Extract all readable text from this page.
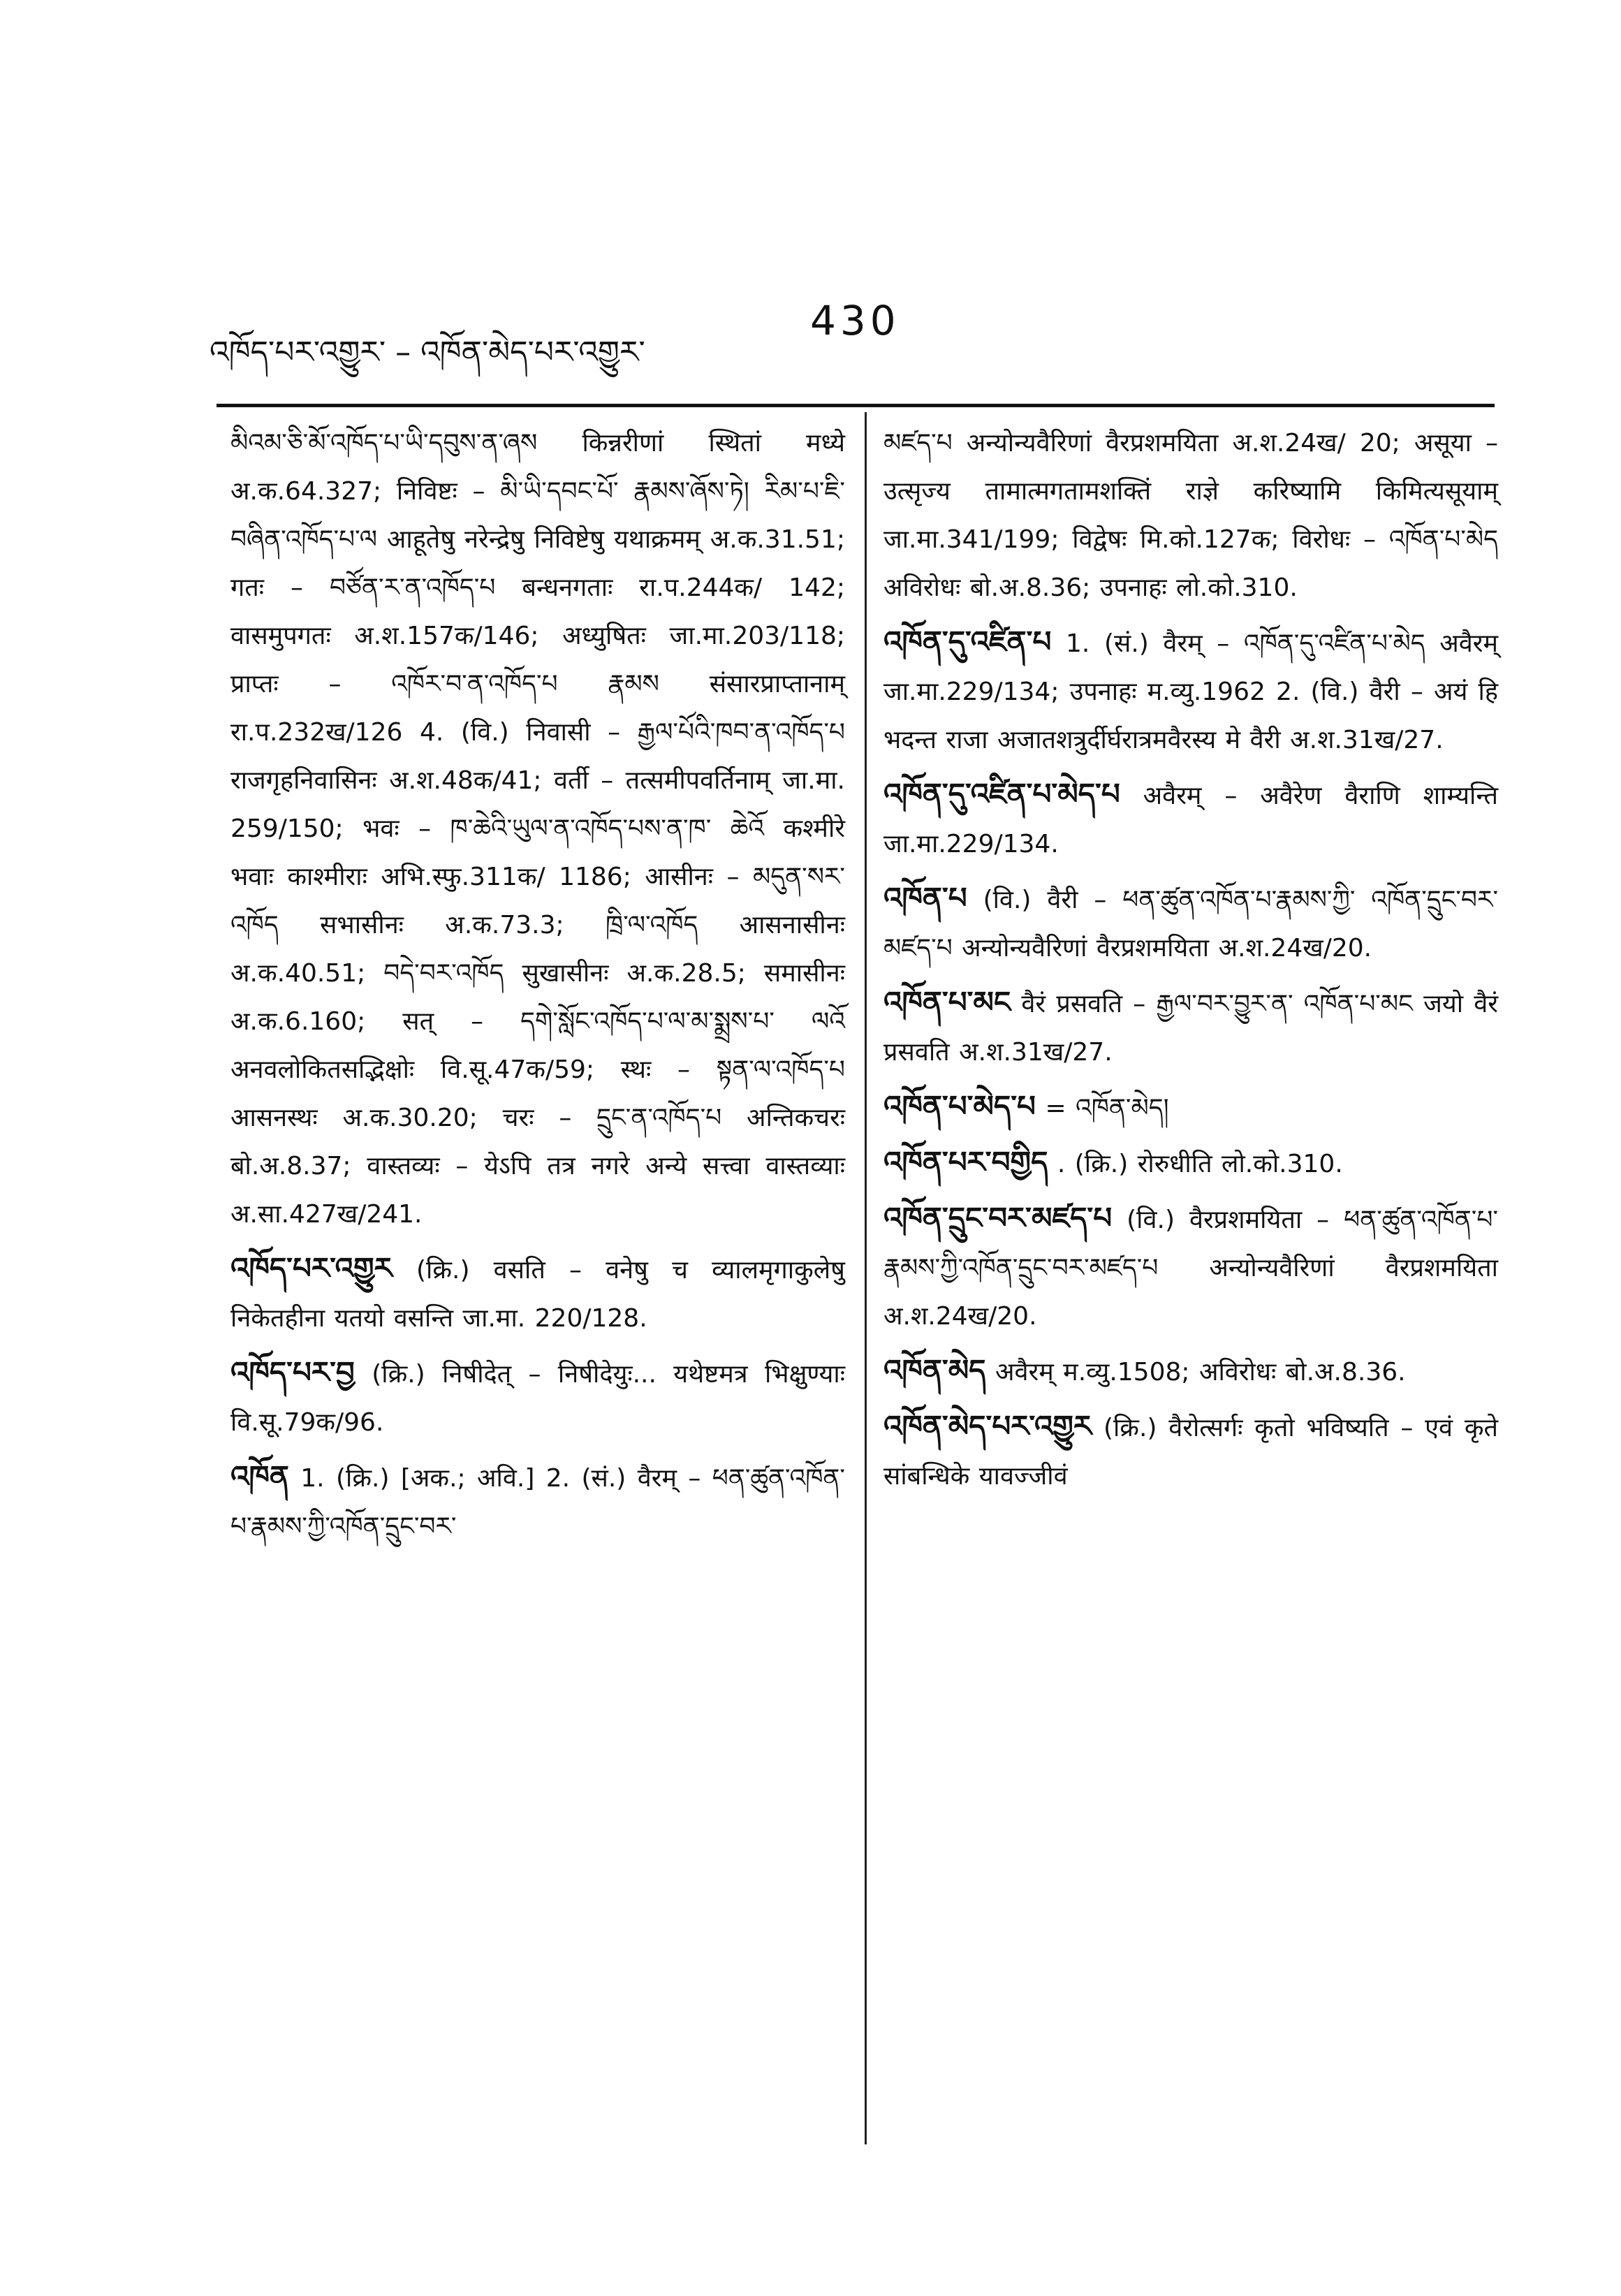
འཁོད་པར་འགྱུར་ – འཁོན་མེད་པར་འགྱུར་
430

མིའམ་ཅི་མོ་འཁོད་པ་ཡི་དབུས་ན་ཞས किन्नरीणां स्थितां मध्ये अ.क.64.327; निविष्टः – མི་ཡི་དབང་པོ་ རྣམས་ཞོས་ཏེ། རིམ་པ་ཇི་བཞིན་འཁོད་པ་ལ आहूतेषु नरेन्द्रेषु निविष्टेषु यथाक्रमम् अ.क.31.51; गतः – བཙོན་ར་ན་འཁོད་པ बन्धनगताः रा.प.244क/ 142; वासमुपगतः अ.श.157क/146; अध्युषितः जा.मा.203/118; प्राप्तः – འཁོར་བ་ན་འཁོད་པ རྣམས संसारप्राप्तानाम् रा.प.232ख/126 4. (वि.) निवासी – རྒྱལ་པོའི་ཁབ་ན་འཁོད་པ राजगृहनिवासिनः अ.श.48क/41; वर्ती – तत्समीपवर्तिनाम् जा.मा. 259/150; भवः – ཁ་ཆེའི་ཡུལ་ན་འཁོད་པས་ན་ཁ་ ཆེའོ कश्मीरे भवाः काश्मीराः अभि.स्फु.311क/ 1186; आसीनः – མདུན་སར་འཁོད सभासीनः अ.क.73.3; ཁྲི་ལ་འཁོད आसनासीनः अ.क.40.51; བདེ་བར་འཁོད सुखासीनः अ.क.28.5; समासीनः अ.क.6.160; सत् – དགེ་སློང་འཁོད་པ་ལ་མ་སྨྲས་པ་ ལའོ अनवलोकितसद्भिक्षोः वि.सू.47क/59; स्थः – སྟན་ལ་འཁོད་པ आसनस्थः अ.क.30.20; चरः – དྲུང་ན་འཁོད་པ अन्तिकचरः बो.अ.8.37; वास्तव्यः – येऽपि तत्र नगरे अन्ये सत्त्वा वास्तव्याः अ.सा.427ख/241.

འཁོད་པར་འགྱུར (क्रि.) वसति – वनेषु च व्यालमृगाकुलेषु निकेतहीना यतयो वसन्ति जा.मा. 220/128.

འཁོད་པར་བྱ (क्रि.) निषीदेत् – निषीदेयुः... यथेष्टमत्र भिक्षुण्याः वि.सू.79क/96.

འཁོན 1. (क्रि.) [अक.; अवि.] 2. (सं.) वैरम् – ཕན་ཚུན་འཁོན་པ་རྣམས་ཀྱི་འཁོན་དྲུང་བར་

མཛད་པ अन्योन्यवैरिणां वैरप्रशमयिता अ.श.24ख/ 20; असूया – उत्सृज्य तामात्मगतामशक्तिं राज्ञे करिष्यामि किमित्यसूयाम् जा.मा.341/199; विद्वेषः मि.को.127क; विरोधः – འཁོན་པ་མེད अविरोधः बो.अ.8.36; उपनाहः लो.को.310.

འཁོན་དུ་འཛིན་པ 1. (सं.) वैरम् – འཁོན་དུ་འཛིན་པ་མེད अवैरम् जा.मा.229/134; उपनाहः म.व्यु.1962 2. (वि.) वैरी – अयं हि भदन्त राजा अजातशत्रुर्दीर्घरात्रमवैरस्य मे वैरी अ.श.31ख/27.

འཁོན་དུ་འཛིན་པ་མེད་པ अवैरम् – अवैरेण वैराणि शाम्यन्ति जा.मा.229/134.

འཁོན་པ (वि.) वैरी – ཕན་ཚུན་འཁོན་པ་རྣམས་ཀྱི་ འཁོན་དྲུང་བར་མཛད་པ अन्योन्यवैरिणां वैरप्रशमयिता अ.श.24ख/20.

འཁོན་པ་མང वैरं प्रसवति – རྒྱལ་བར་བྱུར་ན་ འཁོན་པ་མང जयो वैरं प्रसवति अ.श.31ख/27.

འཁོན་པ་མེད་པ = འཁོན་མེད།

འཁོན་པར་བགྱིད . (क्रि.) रोरुधीति लो.को.310.

འཁོན་དྲུང་བར་མཛད་པ (वि.) वैरप्रशमयिता – ཕན་ཚུན་འཁོན་པ་རྣམས་ཀྱི་འཁོན་དྲུང་བར་མཛད་པ अन्योन्यवैरिणां वैरप्रशमयिता अ.श.24ख/20.

འཁོན་མེད अवैरम् म.व्यु.1508; अविरोधः बो.अ.8.36.

འཁོན་མེད་པར་འགྱུར (क्रि.) वैरोत्सर्गः कृतो भविष्यति – एवं कृते सांबन्धिके यावज्जीवं
